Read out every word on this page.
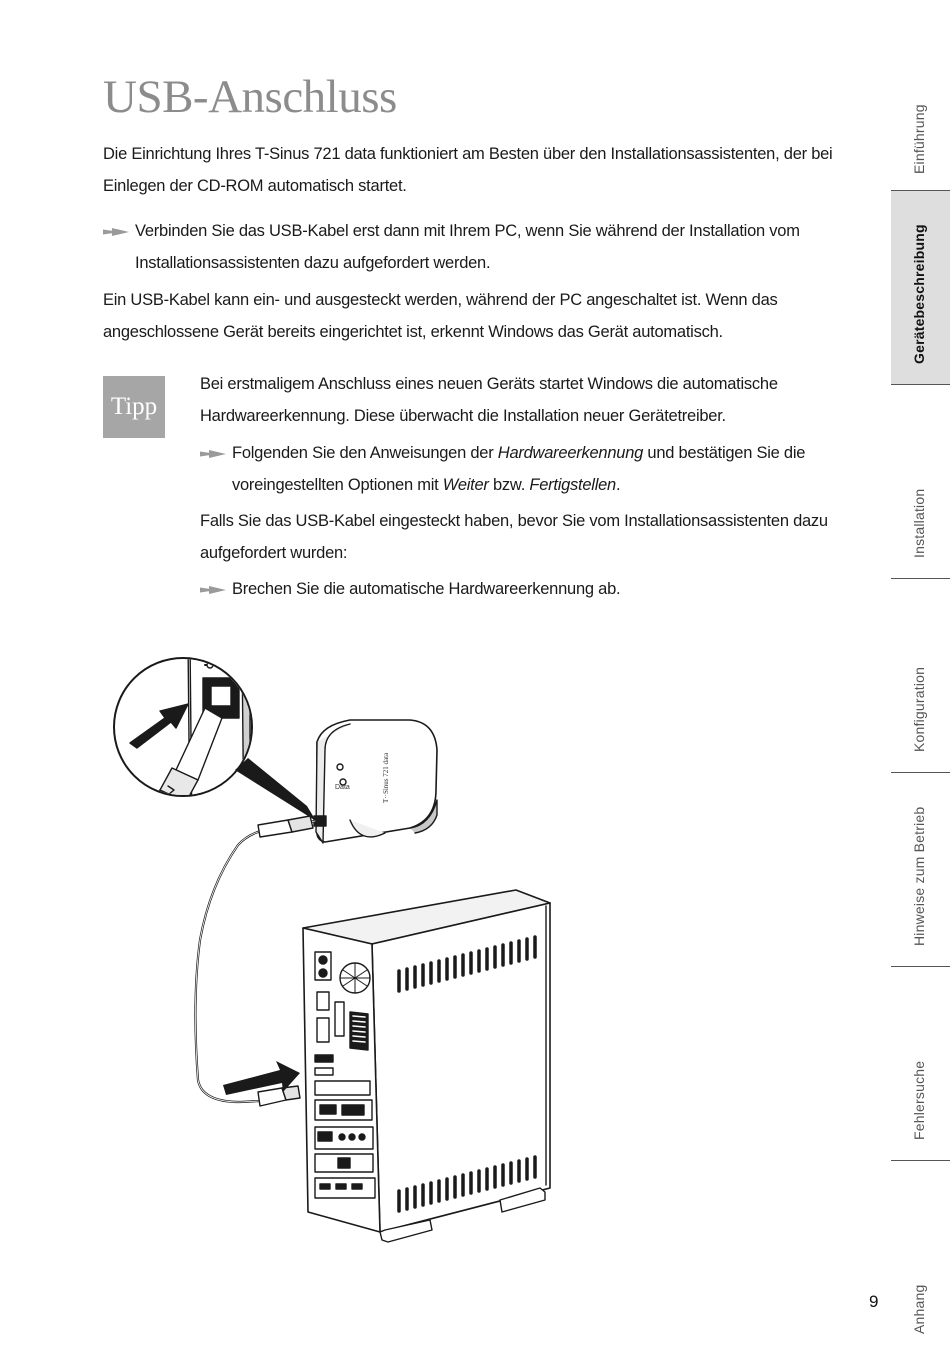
USB-Anschluss

Die Einrichtung Ihres T-Sinus 721 data funktioniert am Besten über den Installationsassistenten, der bei Einlegen der CD-ROM automatisch startet.

Verbinden Sie das USB-Kabel erst dann mit Ihrem PC, wenn Sie während der Installation vom Installationsassistenten dazu aufgefordert werden.

Ein USB-Kabel kann ein- und ausgesteckt werden, während der PC angeschaltet ist. Wenn das angeschlossene Gerät bereits eingerichtet ist, erkennt Windows das Gerät automatisch.

Tipp

Bei erstmaligem Anschluss eines neuen Geräts startet Windows die automatische Hardwareerkennung. Diese überwacht die Installation neuer Gerätetreiber.

Folgenden Sie den Anweisungen der Hardwareerkennung und bestätigen Sie die voreingestellten Optionen mit Weiter bzw. Fertigstellen.

Falls Sie das USB-Kabel eingesteckt haben, bevor Sie vom Installationsassistenten dazu aufgefordert wurden:

Brechen Sie die automatische Hardwareerkennung ab.

Data	T··Sinus 721 data
Einführung
Gerätebeschreibung
Installation
Konfiguration
Hinweise zum Betrieb
Fehlersuche
Anhang
9
